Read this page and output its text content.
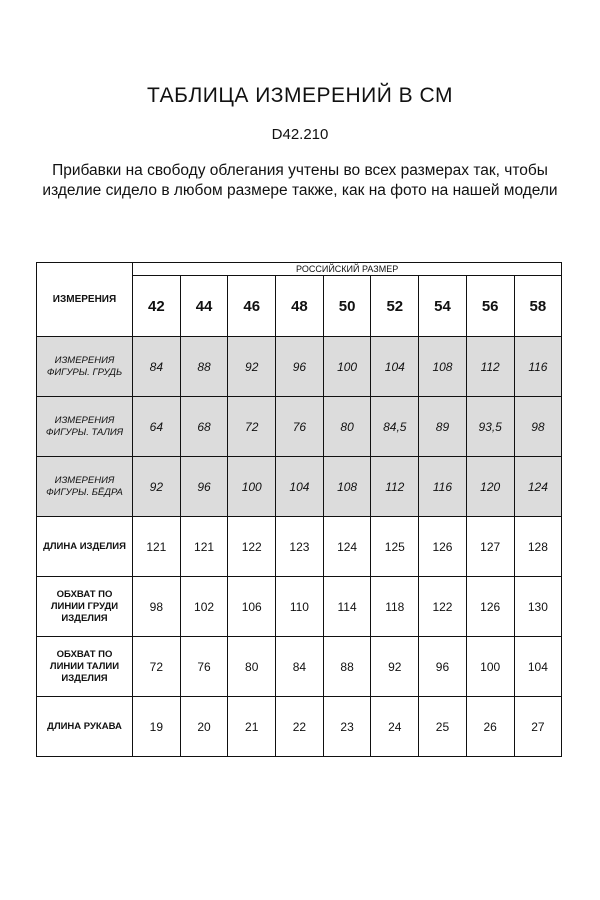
ТАБЛИЦА ИЗМЕРЕНИЙ В СМ
D42.210
Прибавки на свободу облегания учтены во всех размерах так, чтобы изделие сидело в любом размере также, как на фото на нашей модели
ИЗМЕРЕНИЯ	РОССИЙСКИЙ РАЗМЕР								
	42	44	46	48	50	52	54	56	58
ИЗМЕРЕНИЯ ФИГУРЫ. ГРУДЬ	84	88	92	96	100	104	108	112	116
ИЗМЕРЕНИЯ ФИГУРЫ. ТАЛИЯ	64	68	72	76	80	84,5	89	93,5	98
ИЗМЕРЕНИЯ ФИГУРЫ. БЁДРА	92	96	100	104	108	112	116	120	124
ДЛИНА ИЗДЕЛИЯ	121	121	122	123	124	125	126	127	128
ОБХВАТ ПО ЛИНИИ ГРУДИ ИЗДЕЛИЯ	98	102	106	110	114	118	122	126	130
ОБХВАТ ПО ЛИНИИ ТАЛИИ ИЗДЕЛИЯ	72	76	80	84	88	92	96	100	104
ДЛИНА РУКАВА	19	20	21	22	23	24	25	26	27
